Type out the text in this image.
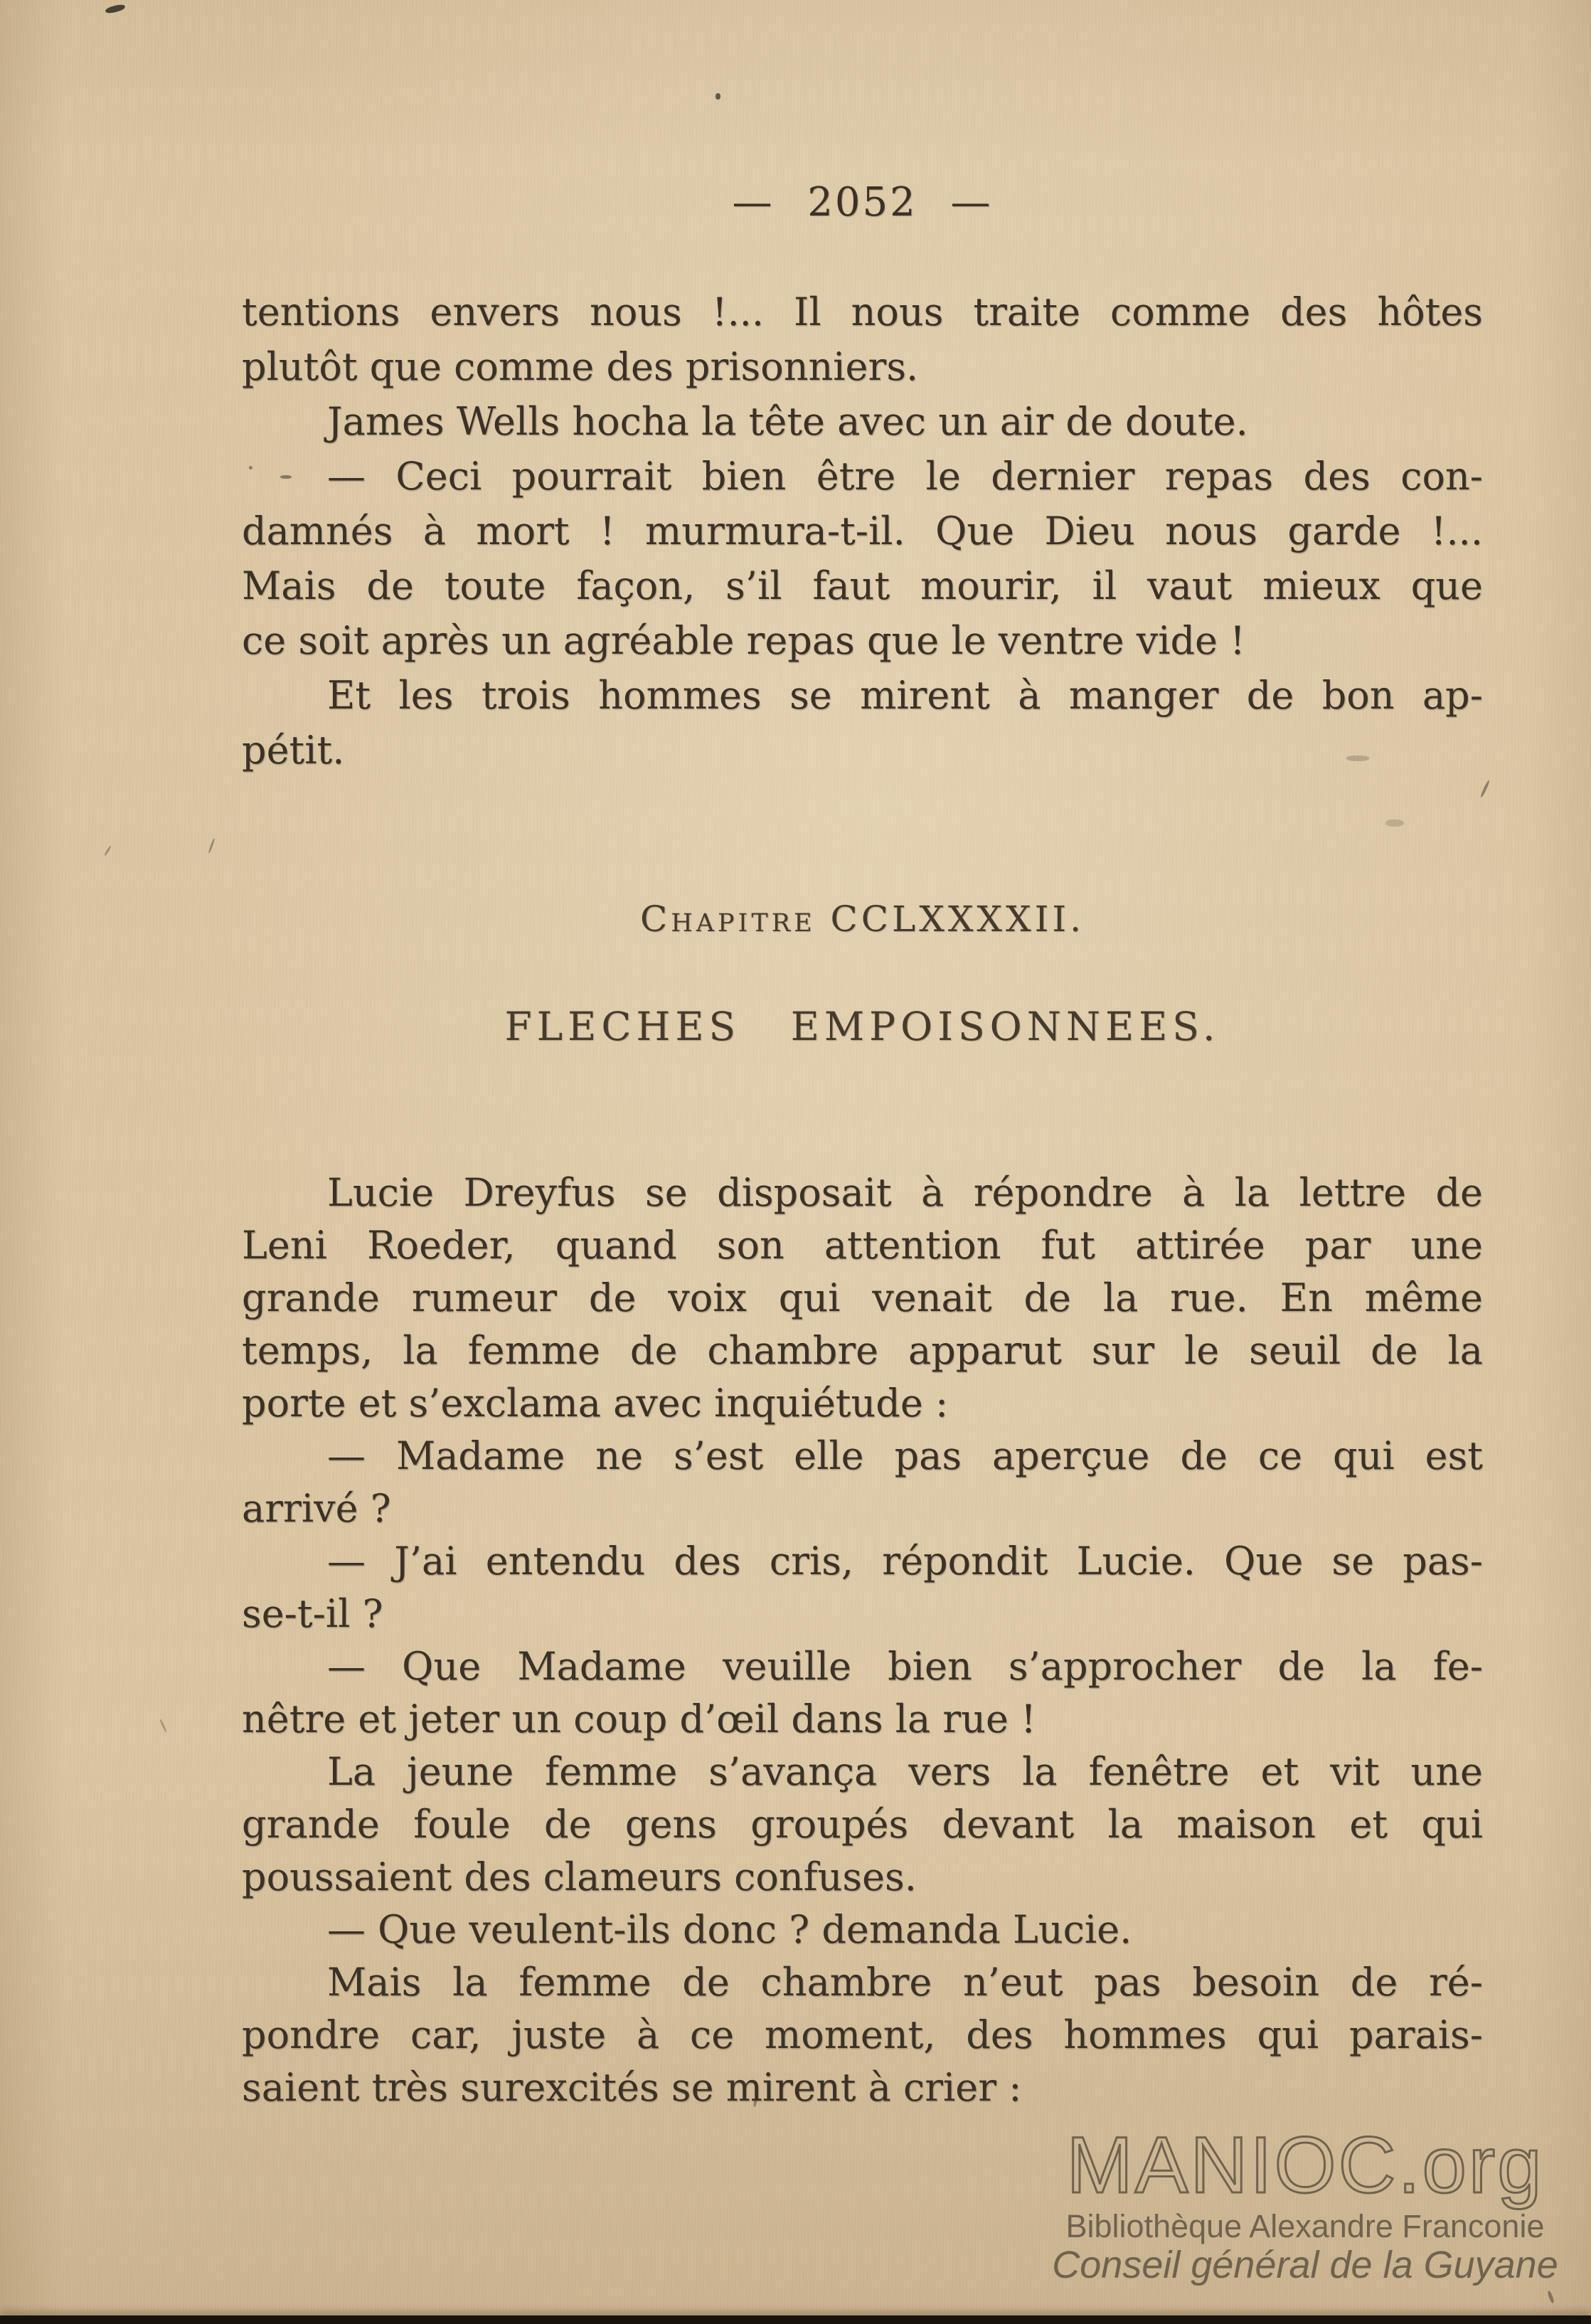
— 2052 —
tentions envers nous !... Il nous traite comme des hôtes
plutôt que comme des prisonniers.
James Wells hocha la tête avec un air de doute.
— Ceci pourrait bien être le dernier repas des con-
damnés à mort ! murmura-t-il. Que Dieu nous garde !...
Mais de toute façon, s’il faut mourir, il vaut mieux que
ce soit après un agréable repas que le ventre vide !
Et les trois hommes se mirent à manger de bon ap-
pétit.
Chapitre CCLXXXXII.
FLECHES EMPOISONNEES.
Lucie Dreyfus se disposait à répondre à la lettre de
Leni Roeder, quand son attention fut attirée par une
grande rumeur de voix qui venait de la rue. En même
temps, la femme de chambre apparut sur le seuil de la
porte et s’exclama avec inquiétude :
— Madame ne s’est elle pas aperçue de ce qui est
arrivé ?
— J’ai entendu des cris, répondit Lucie. Que se pas-
se-t-il ?
— Que Madame veuille bien s’approcher de la fe-
nêtre et jeter un coup d’œil dans la rue !
La jeune femme s’avança vers la fenêtre et vit une
grande foule de gens groupés devant la maison et qui
poussaient des clameurs confuses.
— Que veulent-ils donc ? demanda Lucie.
Mais la femme de chambre n’eut pas besoin de ré-
pondre car, juste à ce moment, des hommes qui parais-
saient très surexcités se mirent à crier :
MANIOC.org
Bibliothèque Alexandre Franconie
Conseil général de la Guyane
